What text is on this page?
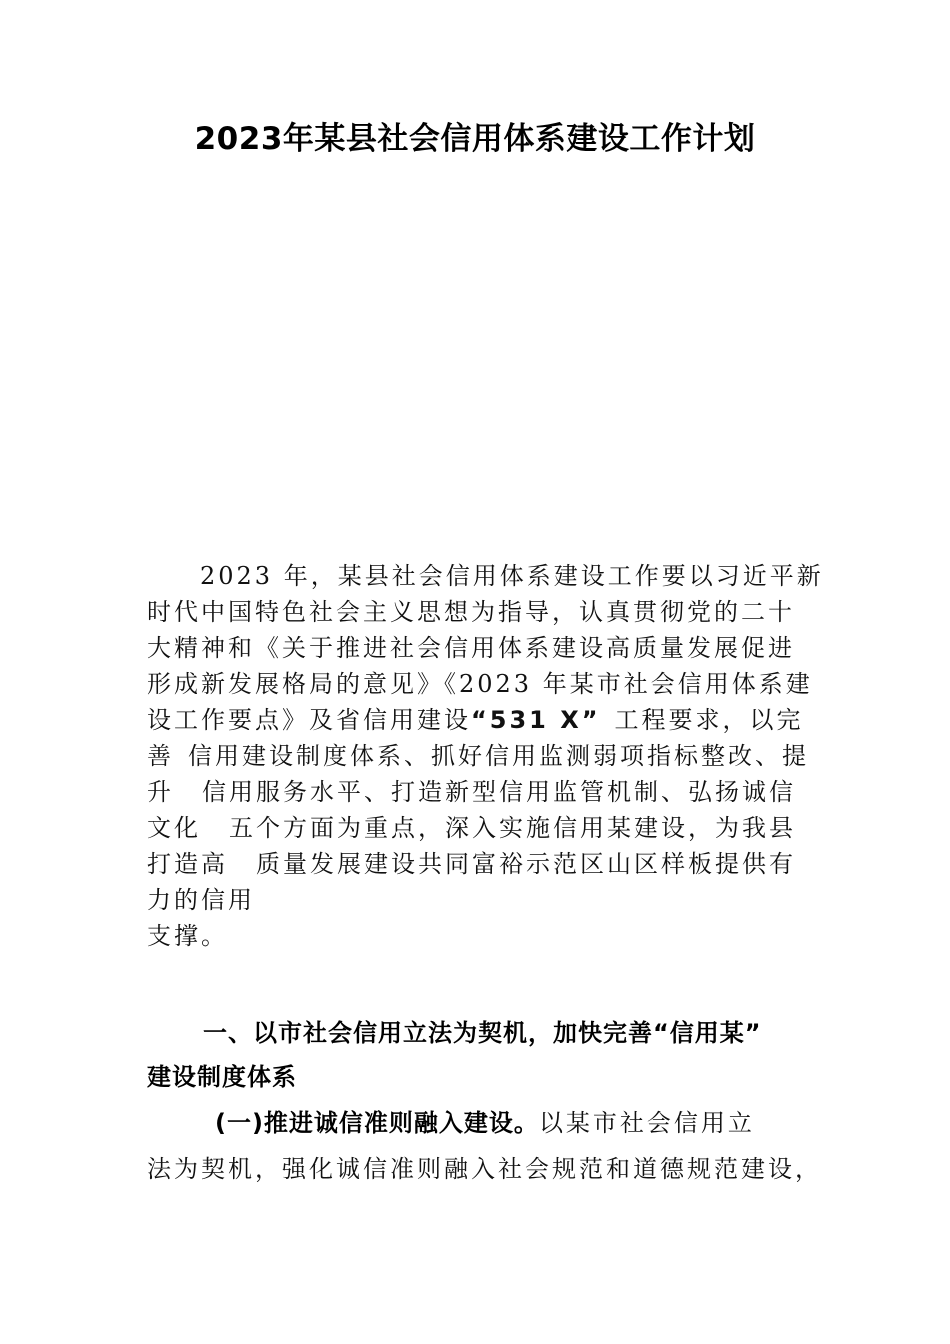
2023年某县社会信用体系建设工作计划
2023 年，某县社会信用体系建设工作要以习近平新
时代中国特色社会主义思想为指导，认真贯彻党的二十
大精神和《关于推进社会信用体系建设高质量发展促进
形成新发展格局的意见》《2023 年某市社会信用体系建
设工作要点》及省信用建设“531 X” 工程要求，以完
善 信用建设制度体系、抓好信用监测弱项指标整改、提
升 信用服务水平、打造新型信用监管机制、弘扬诚信
文化 五个方面为重点，深入实施信用某建设，为我县
打造高 质量发展建设共同富裕示范区山区样板提供有
力的信用
支撑。
一、以市社会信用立法为契机，加快完善“信用某”
建设制度体系
(一)推进诚信准则融入建设。以某市社会信用立
法为契机，强化诚信准则融入社会规范和道德规范建设，
